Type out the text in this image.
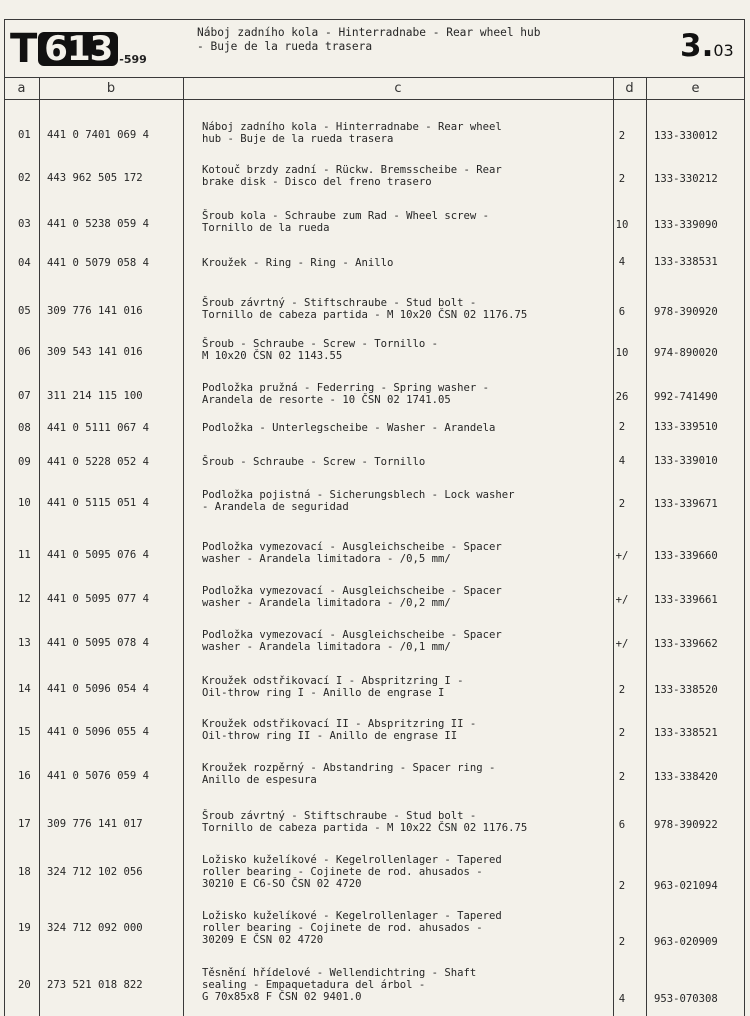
T 613 -599
Náboj zadního kola - Hinterradnabe - Rear wheel hub
- Buje de la rueda trasera	3.03
a	b	c	d	e
01 441 0 7401 069 4
Náboj zadního kola - Hinterradnabe - Rear wheel
hub - Buje de la rueda trasera	2	133-330012
02 443 962 505 172
Kotouč brzdy zadní - Rückw. Bremsscheibe - Rear
brake disk - Disco del freno trasero	2	133-330212
03 441 0 5238 059 4
Šroub kola - Schraube zum Rad - Wheel screw -
Tornillo de la rueda	10	133-339090
04 441 0 5079 058 4	Kroužek - Ring - Ring - Anillo	4	133-338531
05 309 776 141 016
Šroub závrtný - Stiftschraube - Stud bolt -
Tornillo de cabeza partida - M 10x20 ČSN 02 1176.75	6	978-390920
06 309 543 141 016
Šroub - Schraube - Screw - Tornillo -
M 10x20 ČSN 02 1143.55	10	974-890020
07 311 214 115 100
Podložka pružná - Federring - Spring washer -
Arandela de resorte - 10 ČSN 02 1741.05	26	992-741490
08 441 0 5111 067 4	Podložka - Unterlegscheibe - Washer - Arandela	2	133-339510
09 441 0 5228 052 4	Šroub - Schraube - Screw - Tornillo	4	133-339010
10 441 0 5115 051 4
Podložka pojistná - Sicherungsblech - Lock washer
- Arandela de seguridad	2	133-339671
11 441 0 5095 076 4
Podložka vymezovací - Ausgleichscheibe - Spacer
washer - Arandela limitadora - /0,5 mm/	+/	133-339660
12 441 0 5095 077 4
Podložka vymezovací - Ausgleichscheibe - Spacer
washer - Arandela limitadora - /0,2 mm/	+/	133-339661
13 441 0 5095 078 4
Podložka vymezovací - Ausgleichscheibe - Spacer
washer - Arandela limitadora - /0,1 mm/	+/	133-339662
14 441 0 5096 054 4
Kroužek odstřikovací I - Abspritzring I -
Oil-throw ring I - Anillo de engrase I	2	133-338520
15 441 0 5096 055 4
Kroužek odstřikovací II - Abspritzring II -
Oil-throw ring II - Anillo de engrase II	2	133-338521
16 441 0 5076 059 4
Kroužek rozpěrný - Abstandring - Spacer ring -
Anillo de espesura	2	133-338420
17 309 776 141 017
Šroub závrtný - Stiftschraube - Stud bolt -
Tornillo de cabeza partida - M 10x22 ČSN 02 1176.75	6	978-390922
18 324 712 102 056
Ložisko kuželíkové - Kegelrollenlager - Tapered
roller bearing - Cojinete de rod. ahusados -
30210 E C6-SO ČSN 02 4720	2	963-021094
19 324 712 092 000
Ložisko kuželíkové - Kegelrollenlager - Tapered
roller bearing - Cojinete de rod. ahusados -
30209 E ČSN 02 4720	2	963-020909
20 273 521 018 822
Těsnění hřídelové - Wellendichtring - Shaft
sealing - Empaquetadura del árbol -
G 70x85x8 F ČSN 02 9401.0	4	953-070308
